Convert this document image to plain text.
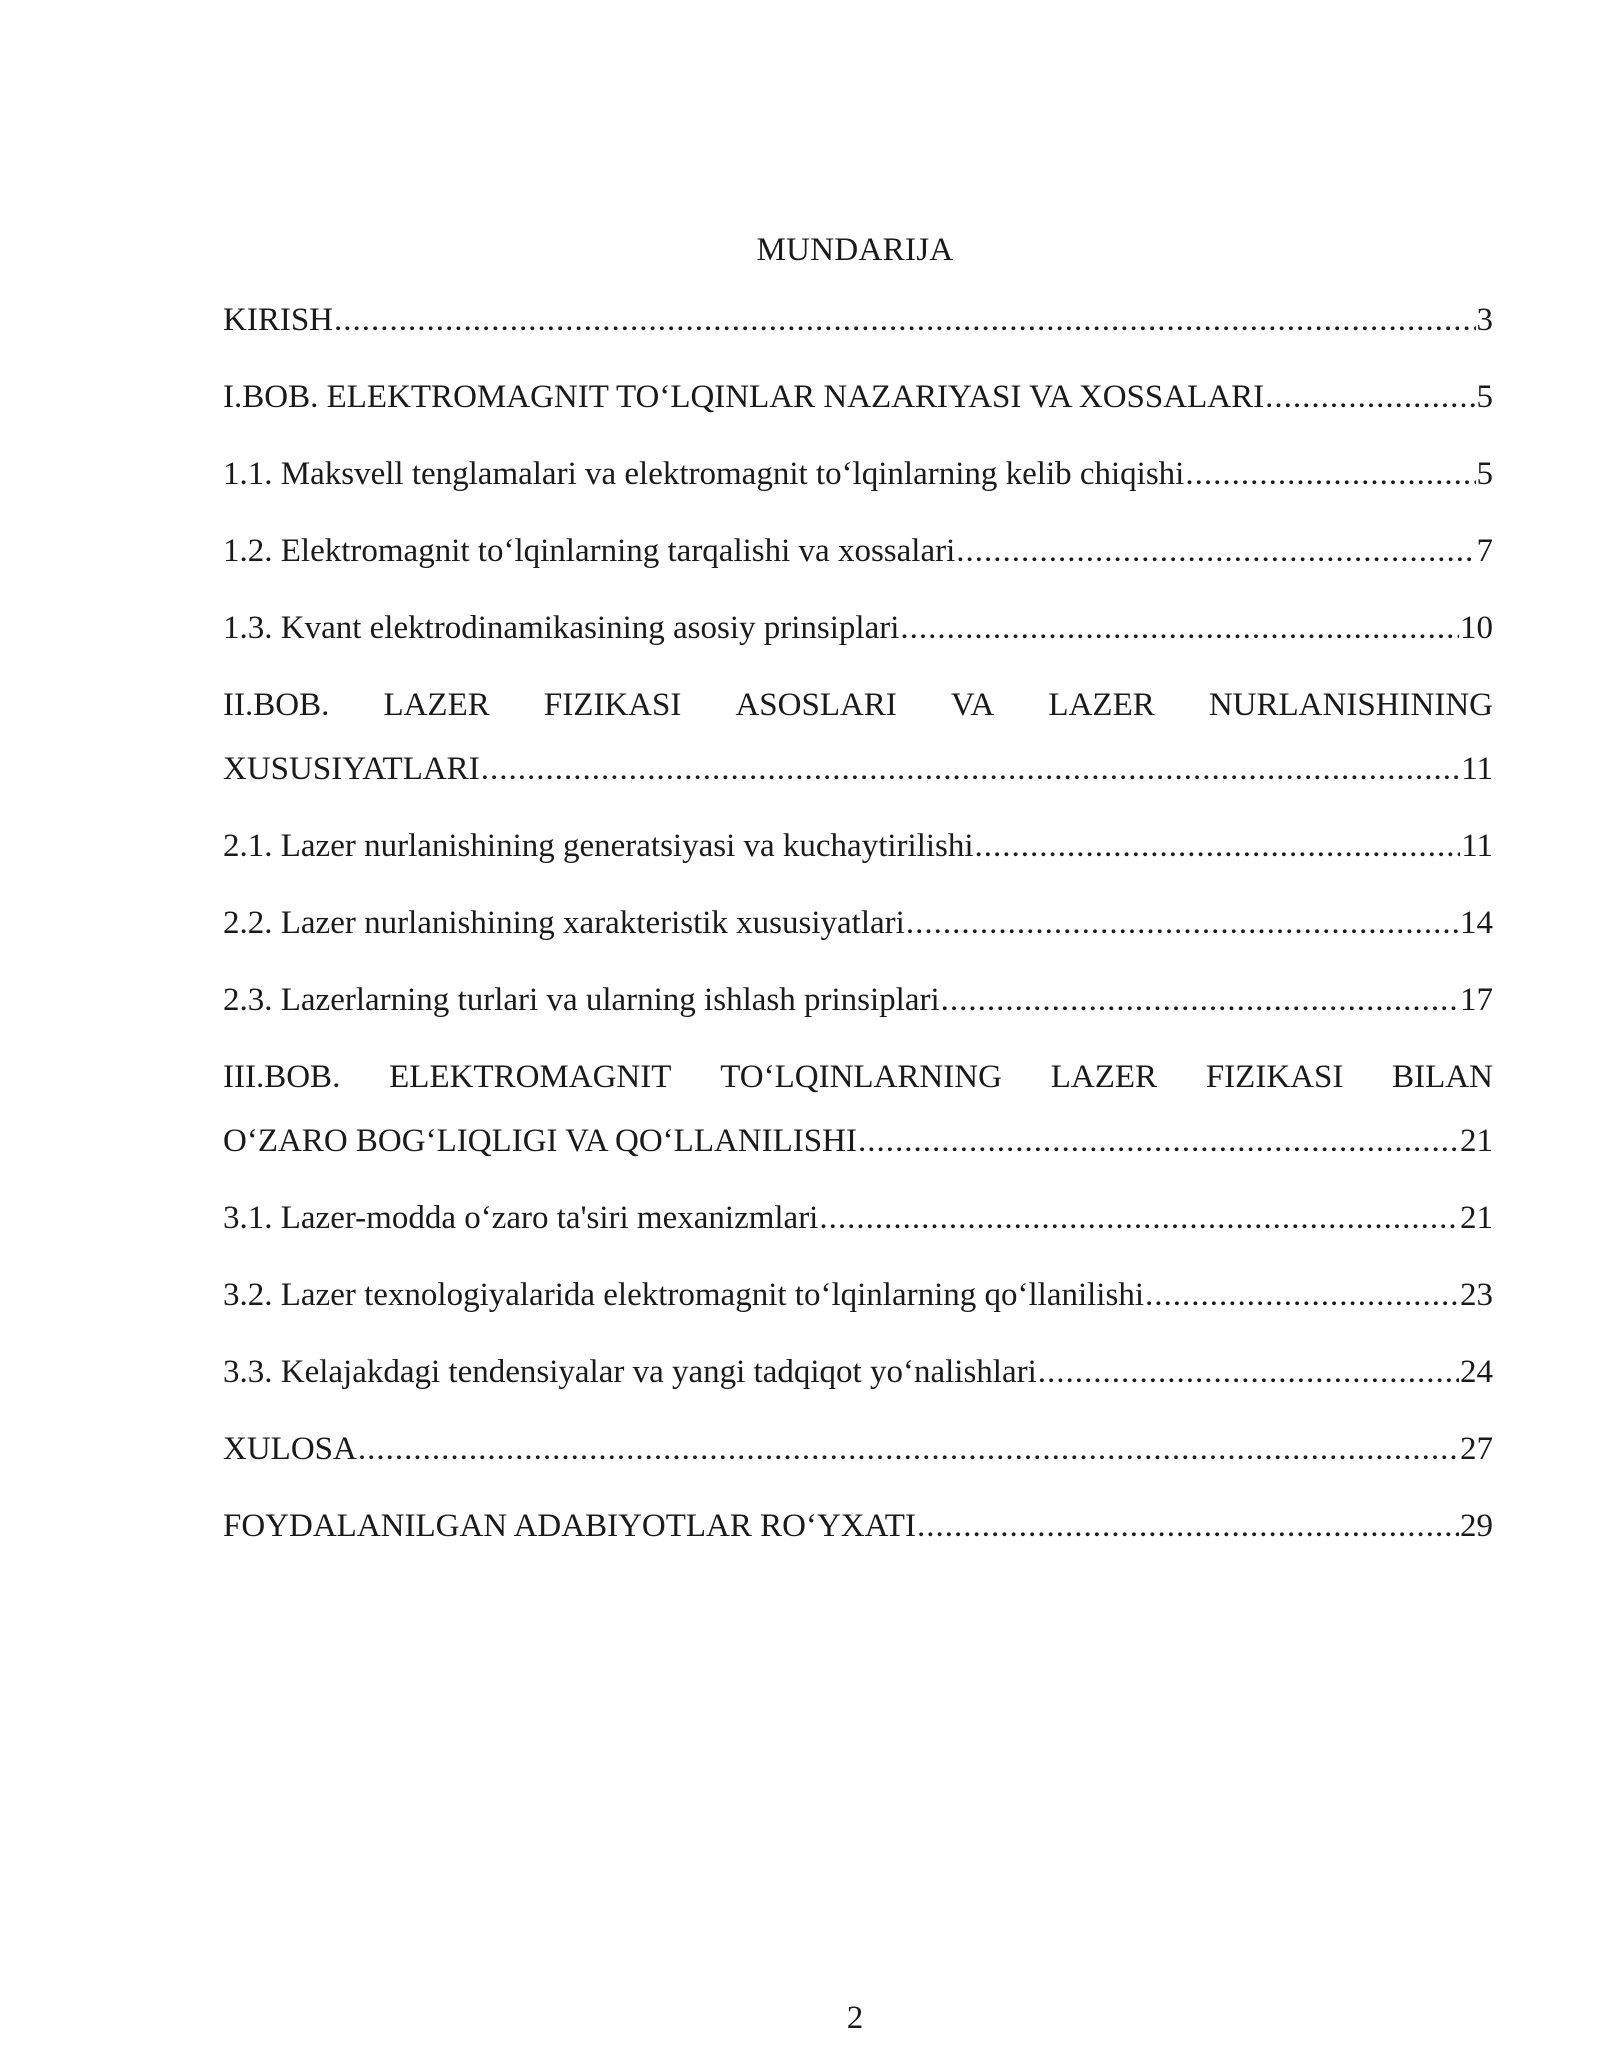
MUNDARIJA
KIRISH .....	3
I.BOB. ELEKTROMAGNIT TO‘LQINLAR NAZARIYASI VA XOSSALARI .....	5
1.1. Maksvell tenglamalari va elektromagnit to‘lqinlarning kelib chiqishi .....	5
1.2. Elektromagnit to‘lqinlarning tarqalishi va xossalari .....	7
1.3. Kvant elektrodinamikasining asosiy prinsiplari .....	10
II.BOB. LAZER FIZIKASI ASOSLARI VA LAZER NURLANISHINING
XUSUSIYATLARI .....	11
2.1. Lazer nurlanishining generatsiyasi va kuchaytirilishi .....	11
2.2. Lazer nurlanishining xarakteristik xususiyatlari .....	14
2.3. Lazerlarning turlari va ularning ishlash prinsiplari .....	17
III.BOB. ELEKTROMAGNIT TO‘LQINLARNING LAZER FIZIKASI BILAN
O‘ZARO BOG‘LIQLIGI VA QO‘LLANILISHI .....	21
3.1. Lazer-modda o‘zaro ta'siri mexanizmlari .....	21
3.2. Lazer texnologiyalarida elektromagnit to‘lqinlarning qo‘llanilishi .....	23
3.3. Kelajakdagi tendensiyalar va yangi tadqiqot yo‘nalishlari .....	24
XULOSA .....	27
FOYDALANILGAN ADABIYOTLAR RO‘YXATI .....	29
2
